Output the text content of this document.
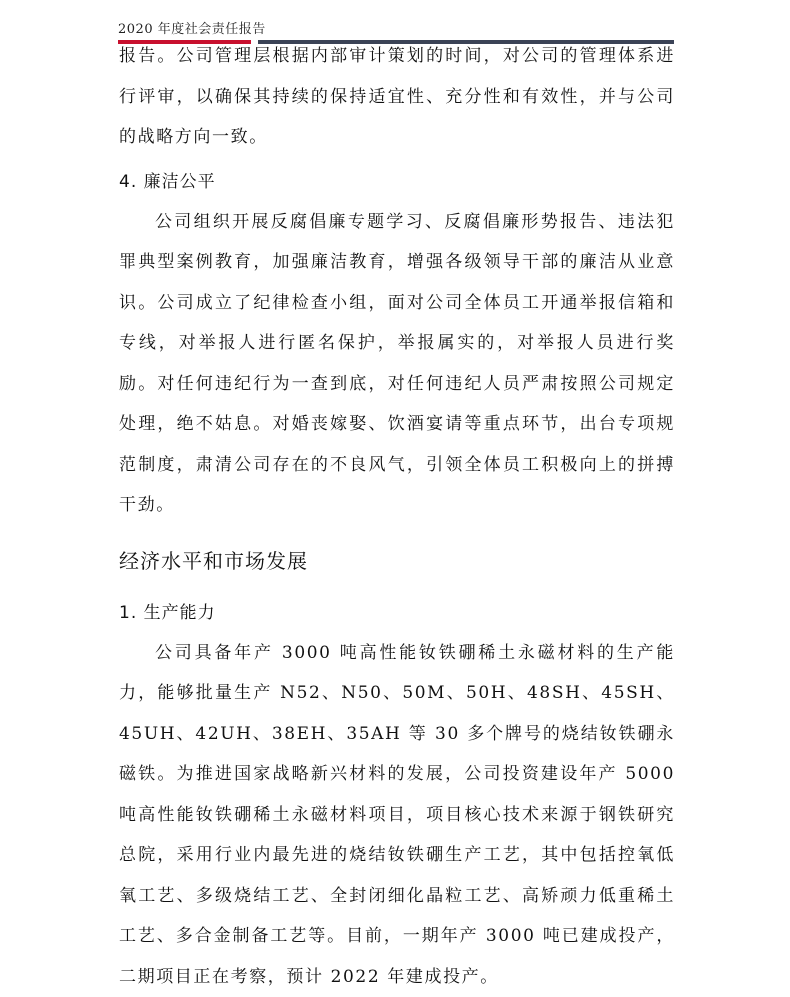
2020 年度社会责任报告

报告。公司管理层根据内部审计策划的时间，对公司的管理体系进行评审，以确保其持续的保持适宜性、充分性和有效性，并与公司的战略方向一致。

4. 廉洁公平

公司组织开展反腐倡廉专题学习、反腐倡廉形势报告、违法犯罪典型案例教育，加强廉洁教育，增强各级领导干部的廉洁从业意识。公司成立了纪律检查小组，面对公司全体员工开通举报信箱和专线，对举报人进行匿名保护，举报属实的，对举报人员进行奖励。对任何违纪行为一查到底，对任何违纪人员严肃按照公司规定处理，绝不姑息。对婚丧嫁娶、饮酒宴请等重点环节，出台专项规范制度，肃清公司存在的不良风气，引领全体员工积极向上的拼搏干劲。

经济水平和市场发展
1. 生产能力

公司具备年产 3000 吨高性能钕铁硼稀土永磁材料的生产能力，能够批量生产 N52、N50、50M、50H、48SH、45SH、45UH、42UH、38EH、35AH 等 30 多个牌号的烧结钕铁硼永磁铁。为推进国家战略新兴材料的发展，公司投资建设年产 5000 吨高性能钕铁硼稀土永磁材料项目，项目核心技术来源于钢铁研究总院，采用行业内最先进的烧结钕铁硼生产工艺，其中包括控氧低氧工艺、多级烧结工艺、全封闭细化晶粒工艺、高矫顽力低重稀土工艺、多合金制备工艺等。目前，一期年产 3000 吨已建成投产，二期项目正在考察，预计 2022 年建成投产。
